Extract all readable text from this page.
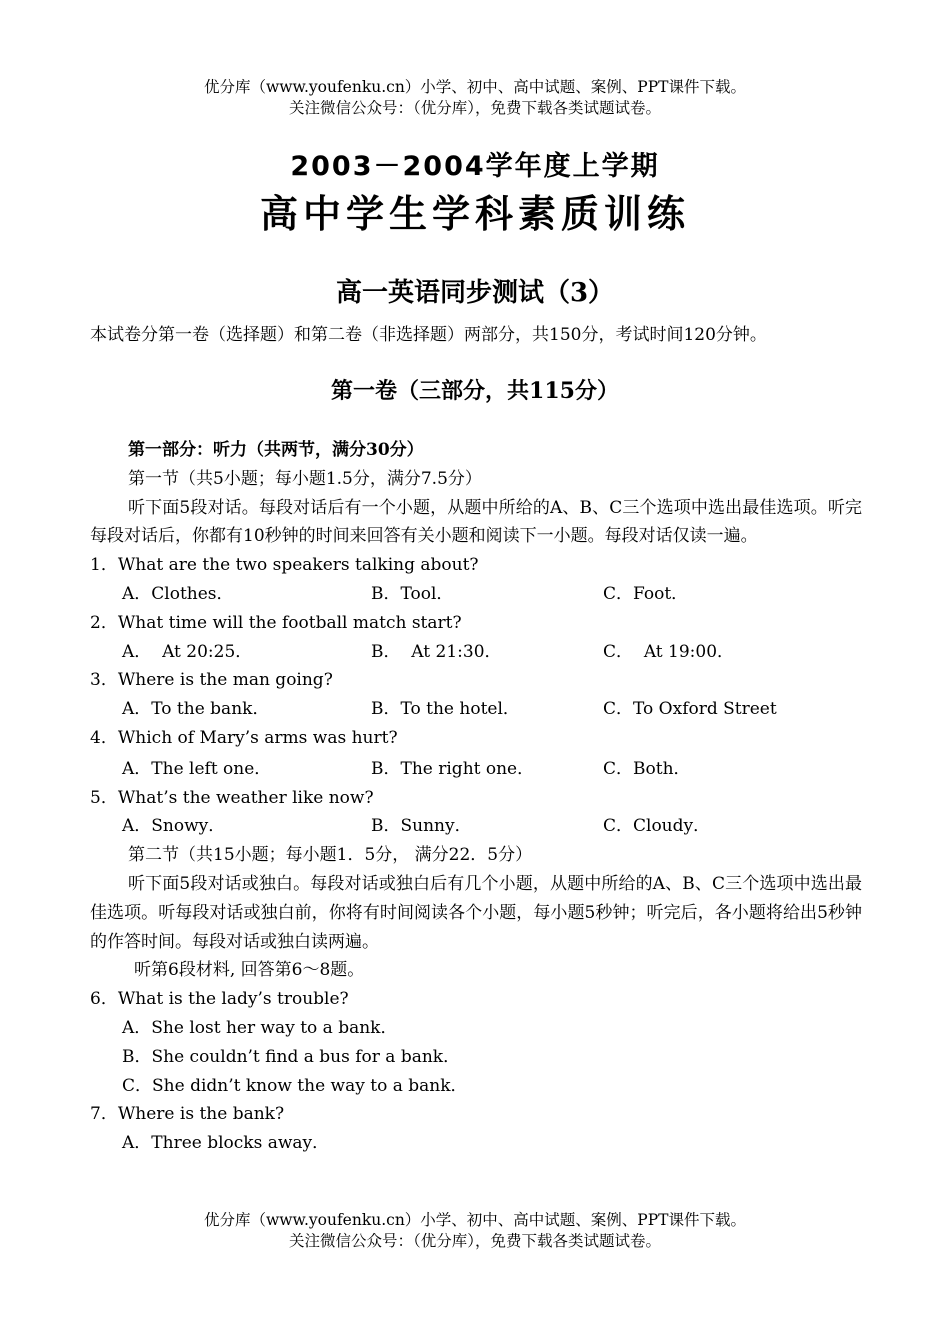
优分库（www.youfenku.cn）小学、初中、高中试题、案例、PPT课件下载。
关注微信公众号：（优分库），免费下载各类试题试卷。
2003－2004学年度上学期
高中学生学科素质训练
高一英语同步测试（3）
本试卷分第一卷（选择题）和第二卷（非选择题）两部分，共150分，考试时间120分钟。
第一卷（三部分，共115分）

第一部分：听力（共两节，满分30分）

第一节（共5小题；每小题1.5分，满分7.5分）

听下面5段对话。每段对话后有一个小题，从题中所给的A、B、C三个选项中选出最佳选项。听完每段对话后，你都有10秒钟的时间来回答有关小题和阅读下一小题。每段对话仅读一遍。

1．What are the two speakers talking about?

A．Clothes．	B．Tool．	C．Foot．

2．What time will the football match start?

A．  At 20:25．	B．  At 21:30．	C．  At 19:00．

3．Where is the man going?

A．To the bank．	B．To the hotel．	C．To Oxford Street

4．Which of Mary’s arms was hurt?

A．The left one．	B．The right one．	C．Both．

5．What’s the weather like now?

A．Snowy．	B．Sunny．	C．Cloudy．

第二节（共15小题；每小题1．5分， 满分22．5分）

听下面5段对话或独白。每段对话或独白后有几个小题，从题中所给的A、B、C三个选项中选出最佳选项。听每段对话或独白前，你将有时间阅读各个小题，每小题5秒钟；听完后，各小题将给出5秒钟的作答时间。每段对话或独白读两遍。

听第6段材料, 回答第6～8题。

6．What is the lady’s trouble?

A．She lost her way to a bank．

B．She couldn’t find a bus for a bank．

C．She didn’t know the way to a bank．

7．Where is the bank?

A．Three blocks away．

优分库（www.youfenku.cn）小学、初中、高中试题、案例、PPT课件下载。
关注微信公众号：（优分库），免费下载各类试题试卷。
